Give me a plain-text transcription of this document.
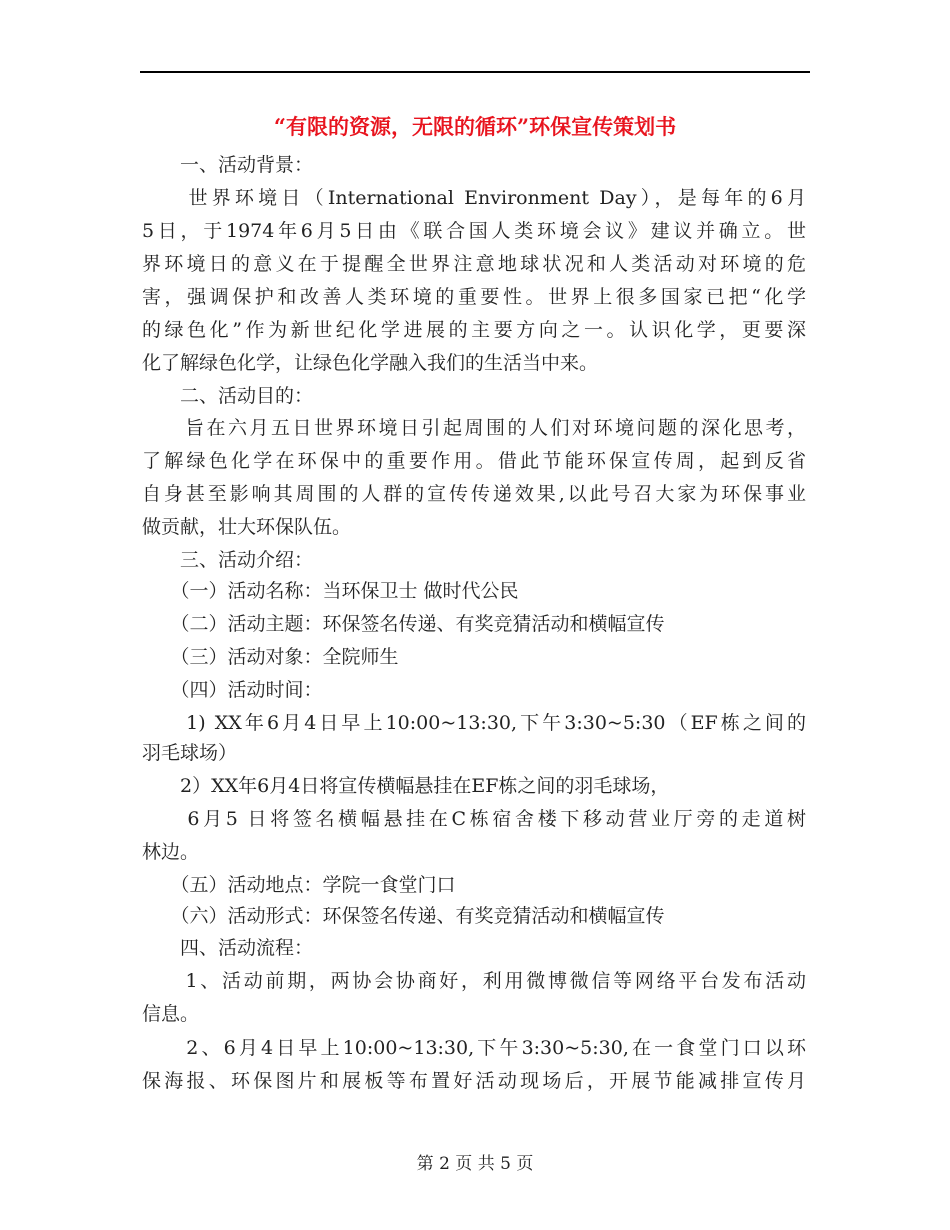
“有限的资源，无限的循环”环保宣传策划书
　　一、活动背景：
　　世界环境日（International Environment Day），是每年的6月
5日，于1974年6月5日由《联合国人类环境会议》建议并确立。世
界环境日的意义在于提醒全世界注意地球状况和人类活动对环境的危
害，强调保护和改善人类环境的重要性。世界上很多国家已把“化学
的绿色化”作为新世纪化学进展的主要方向之一。认识化学，更要深
化了解绿色化学，让绿色化学融入我们的生活当中来。
　　二、活动目的：
　　旨在六月五日世界环境日引起周围的人们对环境问题的深化思考，
了解绿色化学在环保中的重要作用。借此节能环保宣传周，起到反省
自身甚至影响其周围的人群的宣传传递效果,以此号召大家为环保事业
做贡献，壮大环保队伍。
　　三、活动介绍：
　　（一）活动名称：当环保卫士 做时代公民
　　（二）活动主题：环保签名传递、有奖竞猜活动和横幅宣传
　　（三）活动对象：全院师生
　　（四）活动时间：
　　1) XX年6月4日早上10:00~13:30,下午3:30~5:30（EF栋之间的
羽毛球场）
　　2）XX年6月4日将宣传横幅悬挂在EF栋之间的羽毛球场，
　　6月5 日将签名横幅悬挂在C栋宿舍楼下移动营业厅旁的走道树
林边。
　　（五）活动地点：学院一食堂门口
　　（六）活动形式：环保签名传递、有奖竞猜活动和横幅宣传
　　四、活动流程：
　　1、活动前期，两协会协商好，利用微博微信等网络平台发布活动
信息。
　　2、6月4日早上10:00~13:30,下午3:30~5:30,在一食堂门口以环
保海报、环保图片和展板等布置好活动现场后，开展节能减排宣传月
第 2 页 共 5 页
